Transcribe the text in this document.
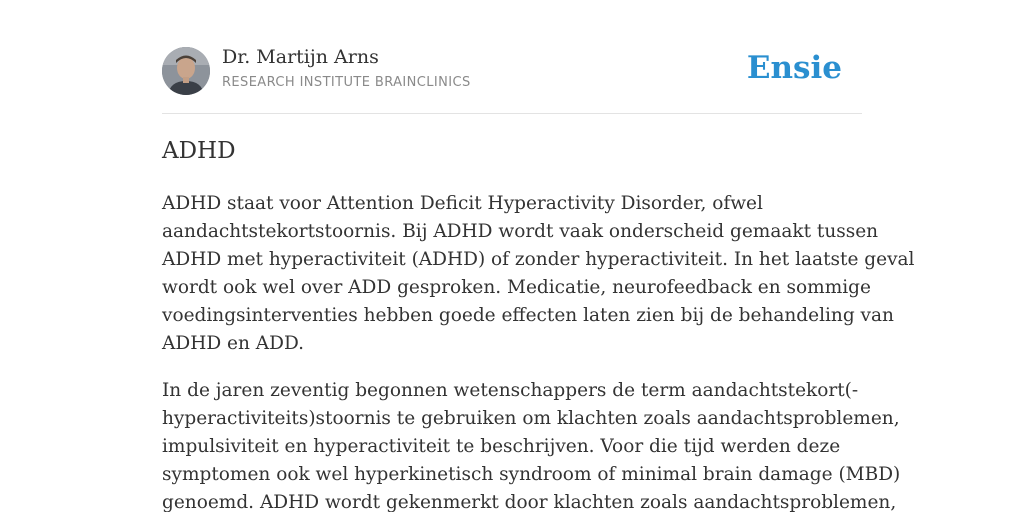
Dr. Martijn Arns
RESEARCH INSTITUTE BRAINCLINICS	Ensie
ADHD
ADHD staat voor Attention Deficit Hyperactivity Disorder, ofwel
aandachtstekortstoornis. Bij ADHD wordt vaak onderscheid gemaakt tussen
ADHD met hyperactiviteit (ADHD) of zonder hyperactiviteit. In het laatste geval
wordt ook wel over ADD gesproken. Medicatie, neurofeedback en sommige
voedingsinterventies hebben goede effecten laten zien bij de behandeling van
ADHD en ADD.
In de jaren zeventig begonnen wetenschappers de term aandachtstekort(-
hyperactiviteits)stoornis te gebruiken om klachten zoals aandachtsproblemen,
impulsiviteit en hyperactiviteit te beschrijven. Voor die tijd werden deze
symptomen ook wel hyperkinetisch syndroom of minimal brain damage (MBD)
genoemd. ADHD wordt gekenmerkt door klachten zoals aandachtsproblemen,
